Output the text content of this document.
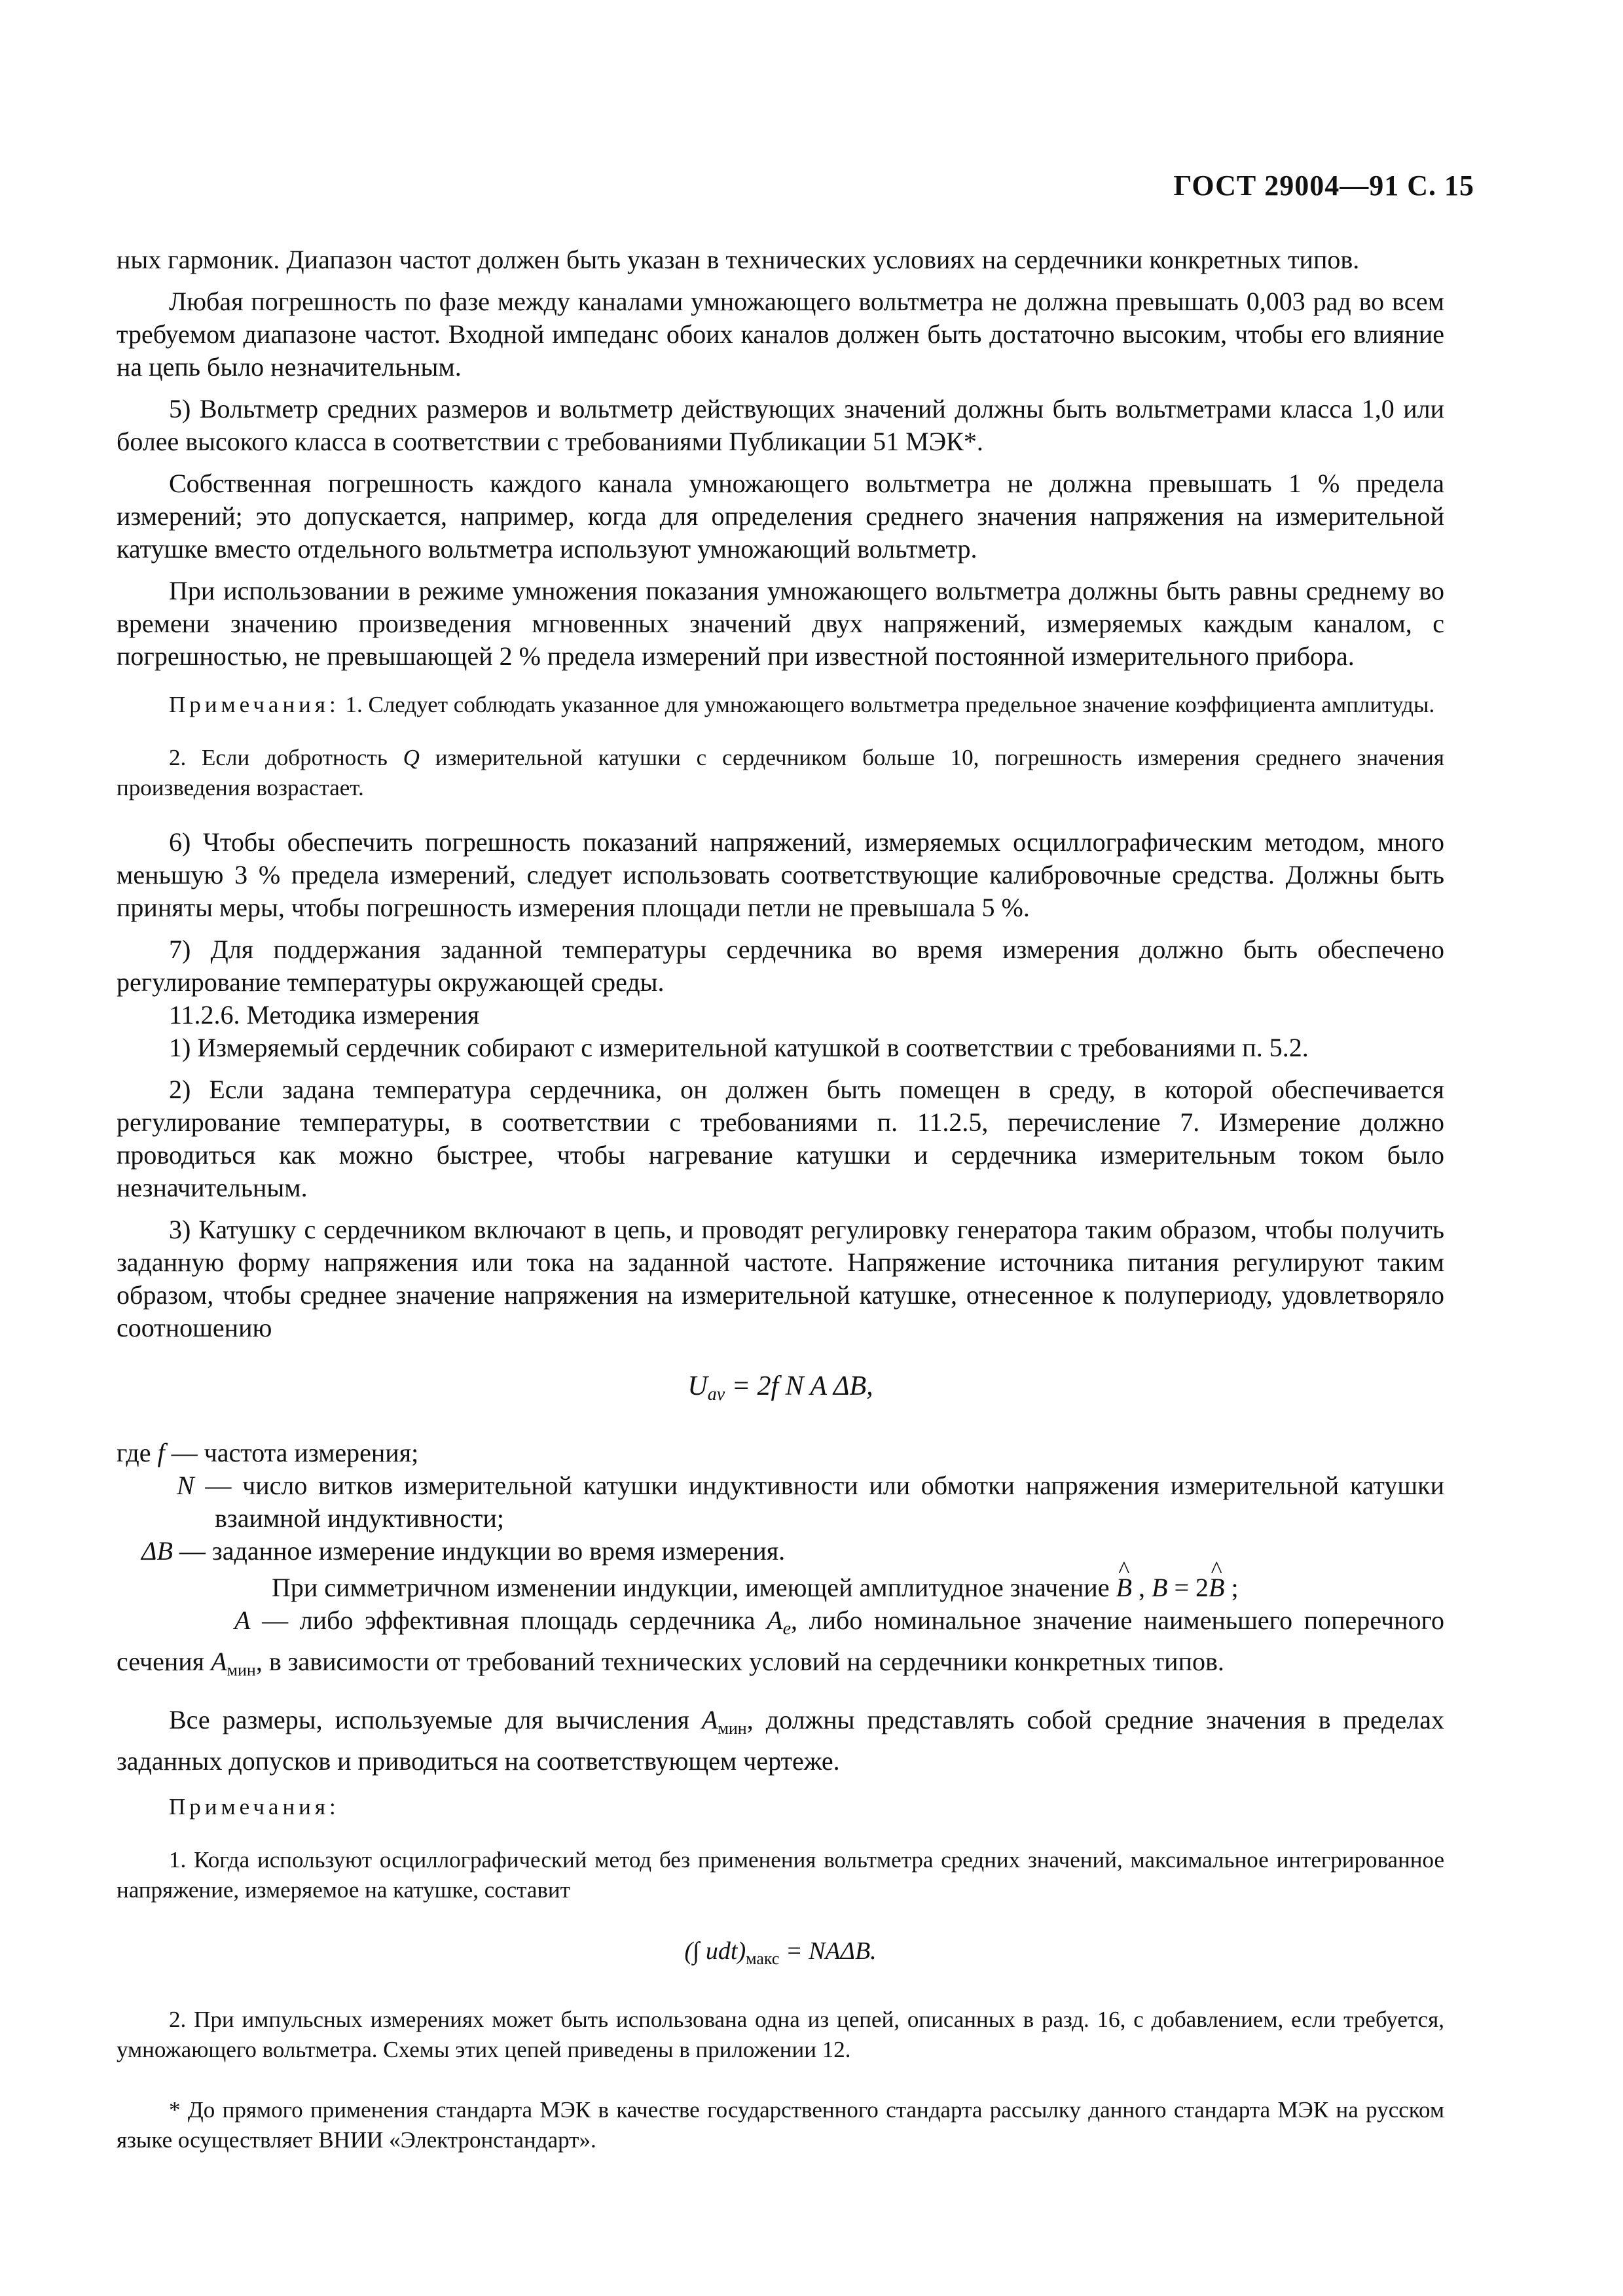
ГОСТ 29004—91 С. 15

ных гармоник. Диапазон частот должен быть указан в технических условиях на сердечники конкретных типов.

Любая погрешность по фазе между каналами умножающего вольтметра не должна превышать 0,003 рад во всем требуемом диапазоне частот. Входной импеданс обоих каналов должен быть достаточно высоким, чтобы его влияние на цепь было незначительным.

5) Вольтметр средних размеров и вольтметр действующих значений должны быть вольтметрами класса 1,0 или более высокого класса в соответствии с требованиями Публикации 51 МЭК*.

Собственная погрешность каждого канала умножающего вольтметра не должна превышать 1 % предела измерений; это допускается, например, когда для определения среднего значения напряжения на измерительной катушке вместо отдельного вольтметра используют умножающий вольтметр.

При использовании в режиме умножения показания умножающего вольтметра должны быть равны среднему во времени значению произведения мгновенных значений двух напряжений, измеряемых каждым каналом, с погрешностью, не превышающей 2 % предела измерений при известной постоянной измерительного прибора.

Примечания: 1. Следует соблюдать указанное для умножающего вольтметра предельное значение коэффициента амплитуды.

2. Если добротность Q измерительной катушки с сердечником больше 10, погрешность измерения среднего значения произведения возрастает.

6) Чтобы обеспечить погрешность показаний напряжений, измеряемых осциллографическим методом, много меньшую 3 % предела измерений, следует использовать соответствующие калибровочные средства. Должны быть приняты меры, чтобы погрешность измерения площади петли не превышала 5 %.

7) Для поддержания заданной температуры сердечника во время измерения должно быть обеспечено регулирование температуры окружающей среды.

11.2.6. Методика измерения

1) Измеряемый сердечник собирают с измерительной катушкой в соответствии с требованиями п. 5.2.

2) Если задана температура сердечника, он должен быть помещен в среду, в которой обеспечивается регулирование температуры, в соответствии с требованиями п. 11.2.5, перечисление 7. Измерение должно проводиться как можно быстрее, чтобы нагревание катушки и сердечника измерительным током было незначительным.

3) Катушку с сердечником включают в цепь, и проводят регулировку генератора таким образом, чтобы получить заданную форму напряжения или тока на заданной частоте. Напряжение источника питания регулируют таким образом, чтобы среднее значение напряжения на измерительной катушке, отнесенное к полупериоду, удовлетворяло соотношению

$U_{av} = 2f$ N A ΔB,

где f — частота измерения;

N — число витков измерительной катушки индуктивности или обмотки напряжения измерительной катушки взаимной индуктивности;

ΔB — заданное измерение индукции во время измерения.

При симметричном изменении индукции, имеющей амплитудное значение ^ B , B = 2^ B ;

A — либо эффективная площадь сердечника $A_e$, либо номинальное значение наименьшего поперечного сечения $A_{мин}$, в зависимости от требований технических условий на сердечники конкретных типов.

Все размеры, используемые для вычисления $A_{мин}$, должны представлять собой средние значения в пределах заданных допусков и приводиться на соответствующем чертеже.

Примечания:

1. Когда используют осциллографический метод без применения вольтметра средних значений, максимальное интегрированное напряжение, измеряемое на катушке, составит

(∫ $udt)_{макс} = NA\Delta B$.

2. При импульсных измерениях может быть использована одна из цепей, описанных в разд. 16, с добавлением, если требуется, умножающего вольтметра. Схемы этих цепей приведены в приложении 12.

* До прямого применения стандарта МЭК в качестве государственного стандарта рассылку данного стандарта МЭК на русском языке осуществляет ВНИИ «Электронстандарт».
